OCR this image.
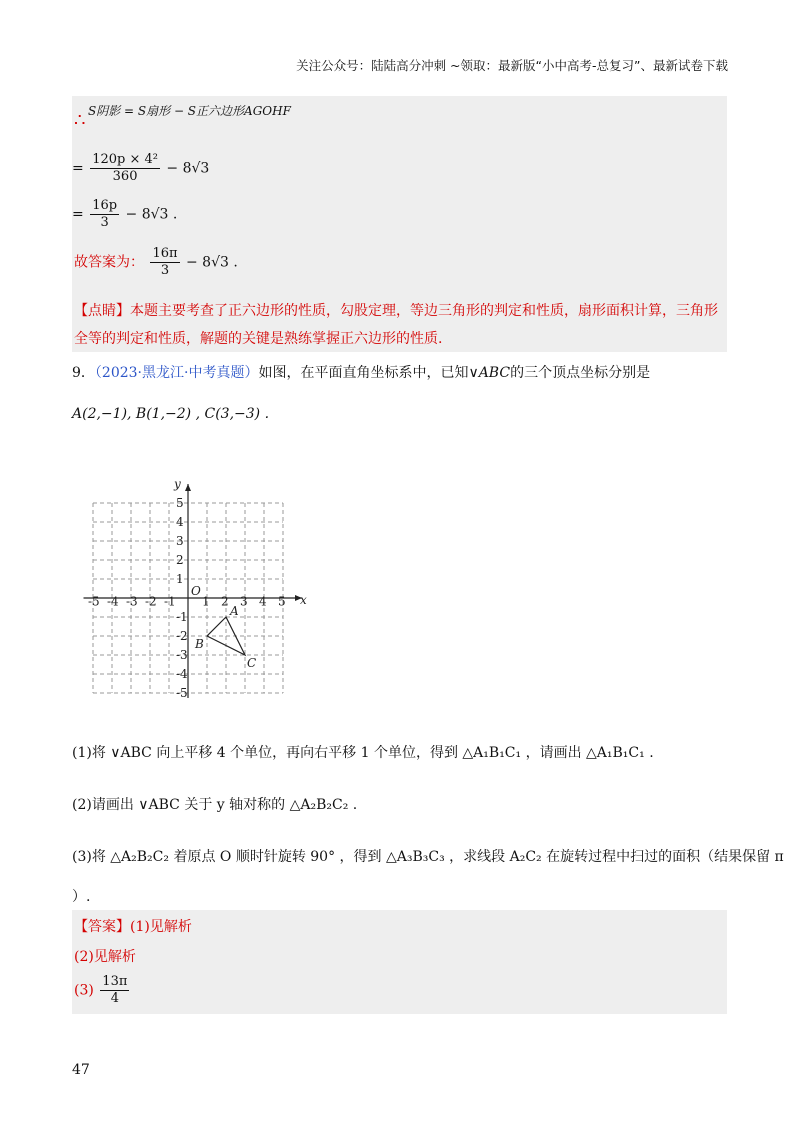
关注公众号：陆陆高分冲刺 ~领取：最新版“小中高考-总复习”、最新试卷下载
∴ S阴影 = S扇形 − S正六边形AGOHF
= $\frac{\text{120p × 4²}}{360} - 8√3$
= $\frac{16p}{3} - 8√3$ .
故答案为： $\frac{16\pi}{3} - 8√3$ .
【点睛】本题主要考查了正六边形的性质，勾股定理，等边三角形的判定和性质，扇形面积计算，三角形
全等的判定和性质，解题的关键是熟练掌握正六边形的性质.
9．（2023·黑龙江·中考真题）如图，在平面直角坐标系中，已知∨ABC的三个顶点坐标分别是
A(2,−1), B(1,−2) , C(3,−3) .
x
y
O
-5 -4 -3 -2 -1 1 2 3 4 5
5
4
3
2
1
-1
-2
-3
-4
-5
A
B
C
(1)将 ∨ABC 向上平移 4 个单位，再向右平移 1 个单位，得到 △A₁B₁C₁ ，请画出 △A₁B₁C₁ .
(2)请画出 ∨ABC 关于 y 轴对称的 △A₂B₂C₂ .
(3)将 △A₂B₂C₂ 着原点 O 顺时针旋转 90° ，得到 △A₃B₃C₃ ，求线段 A₂C₂ 在旋转过程中扫过的面积（结果保留 π
）.
【答案】(1)见解析
(2)见解析
$(3) \frac{13\pi}{4}$
47
